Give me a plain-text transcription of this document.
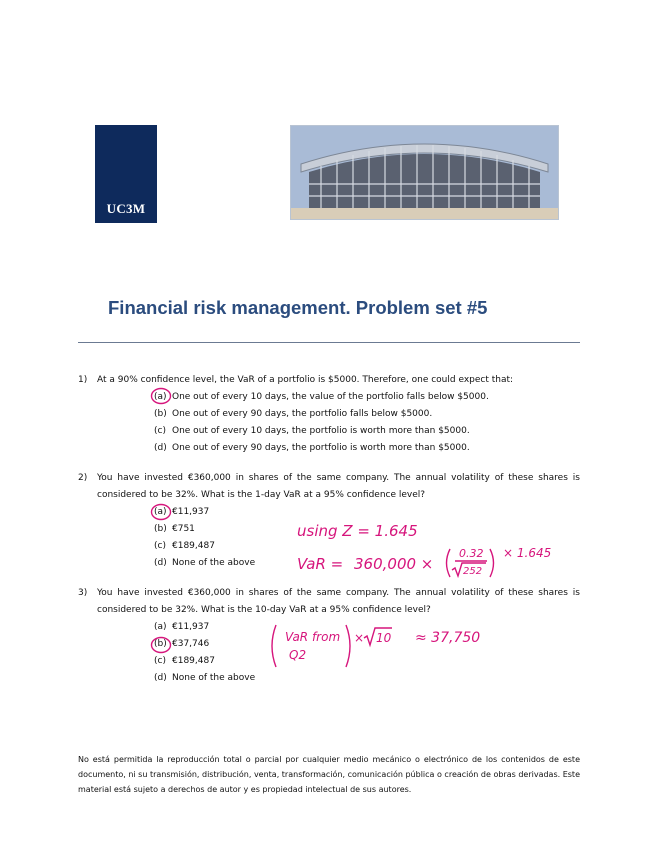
UC3M
Financial risk management. Problem set #5
1)	At a 90% confidence level, the VaR of a portfolio is $5000. Therefore, one could expect that:
(a) One out of every 10 days, the value of the portfolio falls below $5000.
(b) One out of every 90 days, the portfolio falls below $5000.
(c) One out of every 10 days, the portfolio is worth more than $5000.
(d) One out of every 90 days, the portfolio is worth more than $5000.
2)	You have invested €360,000 in shares of the same company. The annual volatility of these shares is considered to be 32%. What is the 1-day VaR at a 95% confidence level?
(a) €11,937
(b) €751
(c) €189,487
(d) None of the above
3)	You have invested €360,000 in shares of the same company. The annual volatility of these shares is considered to be 32%. What is the 10-day VaR at a 95% confidence level?
(a) €11,937
(b) €37,746
(c) €189,487
(d) None of the above
using Z = 1.645
VaR = 360,000 ×
0.32
252
× 1.645
VaR from
Q2
× 10 ≈ 37,750
No está permitida la reproducción total o parcial por cualquier medio mecánico o electrónico de los contenidos de este documento, ni su transmisión, distribución, venta, transformación, comunicación pública o creación de obras derivadas. Este material está sujeto a derechos de autor y es propiedad intelectual de sus autores.
